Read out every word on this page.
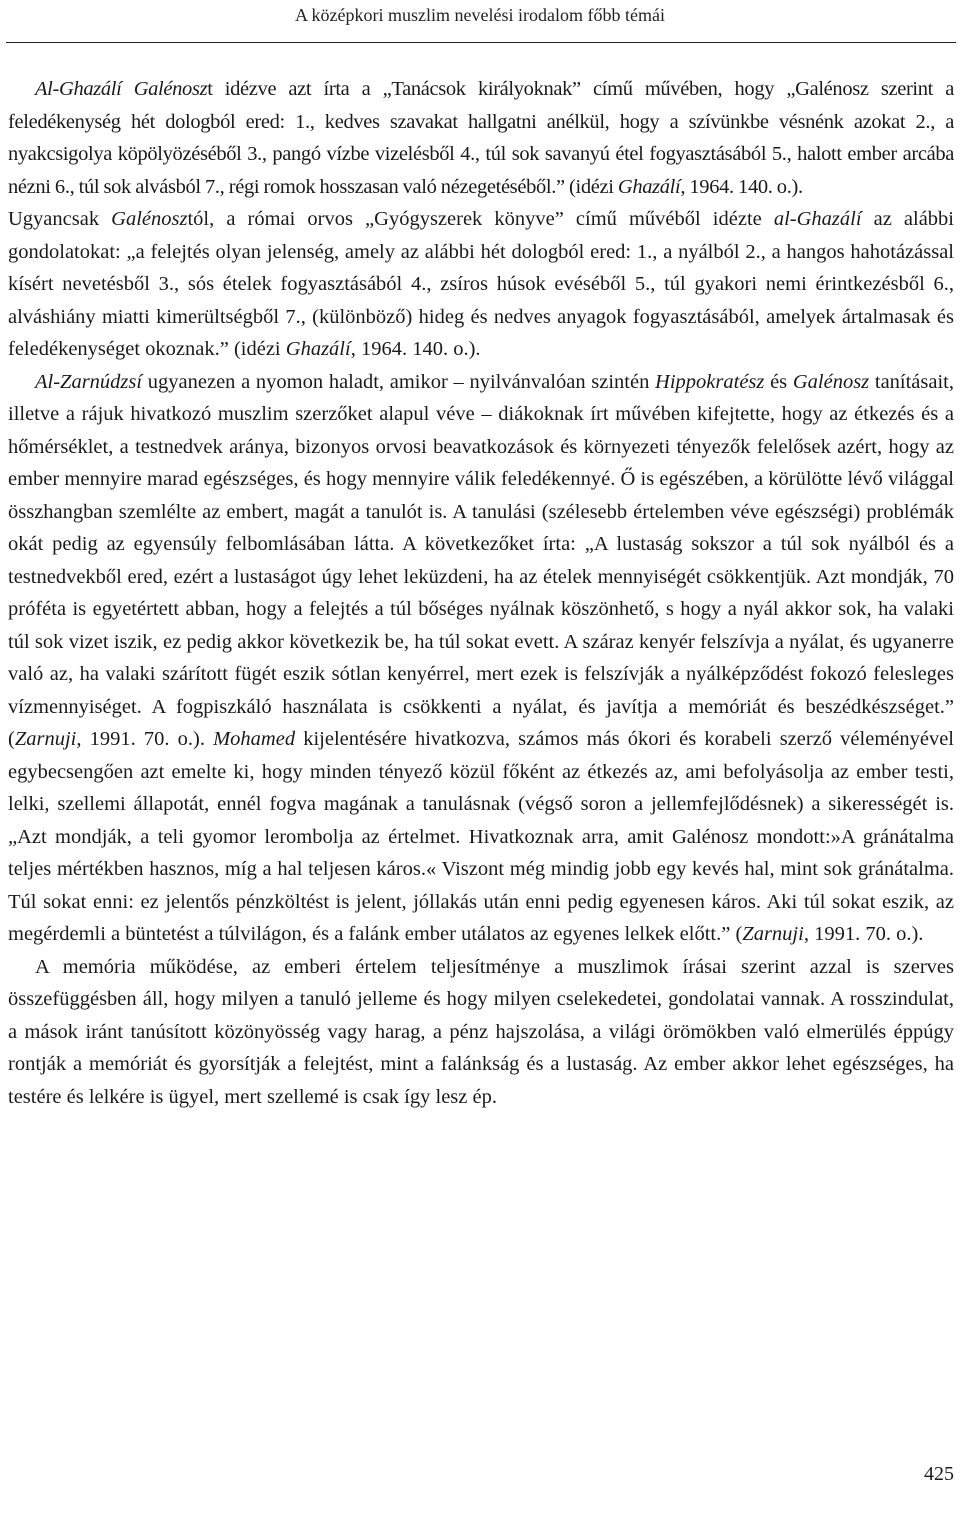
A középkori muszlim nevelési irodalom főbb témái

Al-Ghazálí Galénoszt idézve azt írta a „Tanácsok királyoknak” című művében, hogy „Galénosz szerint a feledékenység hét dologból ered: 1., kedves szavakat hallgatni anélkül, hogy a szívünkbe vésnénk azokat 2., a nyakcsigolya köpölyözéséből 3., pangó vízbe vizelésből 4., túl sok savanyú étel fogyasztásából 5., halott ember arcába nézni 6., túl sok alvásból 7., régi romok hosszasan való nézegetéséből.” (idézi Ghazálí, 1964. 140. o.).

Ugyancsak Galénosztól, a római orvos „Gyógyszerek könyve” című művéből idézte al-Ghazálí az alábbi gondolatokat: „a felejtés olyan jelenség, amely az alábbi hét dologból ered: 1., a nyálból 2., a hangos hahotázással kísért nevetésből 3., sós ételek fogyasztásából 4., zsíros húsok evéséből 5., túl gyakori nemi érintkezésből 6., alváshiány miatti kimerültségből 7., (különböző) hideg és nedves anyagok fogyasztásából, amelyek ártalmasak és feledékenységet okoznak.” (idézi Ghazálí, 1964. 140. o.).

Al-Zarnúdzsí ugyanezen a nyomon haladt, amikor – nyilvánvalóan szintén Hippokratész és Galénosz tanításait, illetve a rájuk hivatkozó muszlim szerzőket alapul véve – diákoknak írt művében kifejtette, hogy az étkezés és a hőmérséklet, a testnedvek aránya, bizonyos orvosi beavatkozások és környezeti tényezők felelősek azért, hogy az ember mennyire marad egészséges, és hogy mennyire válik feledékennyé. Ő is egészében, a körülötte lévő világgal összhangban szemlélte az embert, magát a tanulót is. A tanulási (szélesebb értelemben véve egészségi) problémák okát pedig az egyensúly felbomlásában látta. A következőket írta: „A lustaság sokszor a túl sok nyálból és a testnedvekből ered, ezért a lustaságot úgy lehet leküzdeni, ha az ételek mennyiségét csökkentjük. Azt mondják, 70 próféta is egyetértett abban, hogy a felejtés a túl bőséges nyálnak köszönhető, s hogy a nyál akkor sok, ha valaki túl sok vizet iszik, ez pedig akkor következik be, ha túl sokat evett. A száraz kenyér felszívja a nyálat, és ugyanerre való az, ha valaki szárított fügét eszik sótlan kenyérrel, mert ezek is felszívják a nyálképződést fokozó felesleges vízmennyiséget. A fogpiszkáló használata is csökkenti a nyálat, és javítja a memóriát és beszédkészséget.” (Zarnuji, 1991. 70. o.). Mohamed kijelentésére hivatkozva, számos más ókori és korabeli szerző véleményével egybecsengően azt emelte ki, hogy minden tényező közül főként az étkezés az, ami befolyásolja az ember testi, lelki, szellemi állapotát, ennél fogva magának a tanulásnak (végső soron a jellemfejlődésnek) a sikerességét is. „Azt mondják, a teli gyomor lerombolja az értelmet. Hivatkoznak arra, amit Galénosz mondott:»A gránátalma teljes mértékben hasznos, míg a hal teljesen káros.« Viszont még mindig jobb egy kevés hal, mint sok gránátalma. Túl sokat enni: ez jelentős pénzköltést is jelent, jóllakás után enni pedig egyenesen káros. Aki túl sokat eszik, az megérdemli a büntetést a túlvilágon, és a falánk ember utálatos az egyenes lelkek előtt.” (Zarnuji, 1991. 70. o.).

A memória működése, az emberi értelem teljesítménye a muszlimok írásai szerint azzal is szerves összefüggésben áll, hogy milyen a tanuló jelleme és hogy milyen cselekedetei, gondolatai vannak. A rosszindulat, a mások iránt tanúsított közönyösség vagy harag, a pénz hajszolása, a világi örömökben való elmerülés éppúgy rontják a memóriát és gyorsítják a felejtést, mint a falánkság és a lustaság. Az ember akkor lehet egészséges, ha testére és lelkére is ügyel, mert szellemé is csak így lesz ép.

425
